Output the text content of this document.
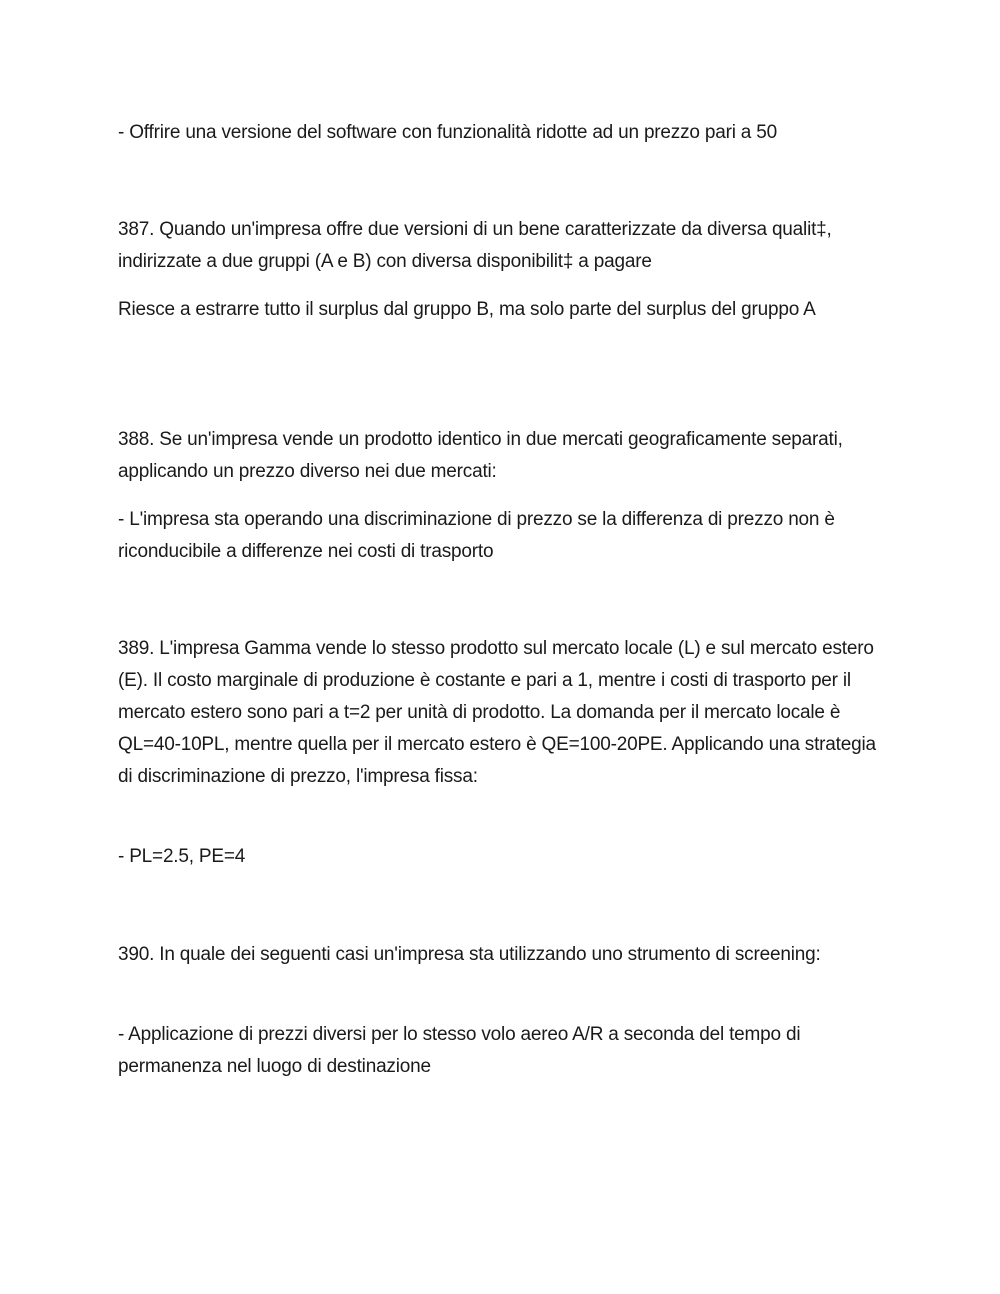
- Offrire una versione del software con funzionalità ridotte ad un prezzo pari a 50

387. Quando un'impresa offre due versioni di un bene caratterizzate da diversa qualit‡, indirizzate a due gruppi (A e B) con diversa disponibilit‡ a pagare

Riesce a estrarre tutto il surplus dal gruppo B, ma solo parte del surplus del gruppo A

388. Se un'impresa vende un prodotto identico in due mercati geograficamente separati, applicando un prezzo diverso nei due mercati:

- L'impresa sta operando una discriminazione di prezzo se la differenza di prezzo non è riconducibile a differenze nei costi di trasporto

389. L'impresa Gamma vende lo stesso prodotto sul mercato locale (L) e sul mercato estero (E). Il costo marginale di produzione è costante e pari a 1, mentre i costi di trasporto per il mercato estero sono pari a t=2 per unità di prodotto. La domanda per il mercato locale è QL=40-10PL, mentre quella per il mercato estero è QE=100-20PE. Applicando una strategia di discriminazione di prezzo, l'impresa fissa:

- PL=2.5, PE=4

390. In quale dei seguenti casi un'impresa sta utilizzando uno strumento di screening:

- Applicazione di prezzi diversi per lo stesso volo aereo A/R a seconda del tempo di permanenza nel luogo di destinazione
